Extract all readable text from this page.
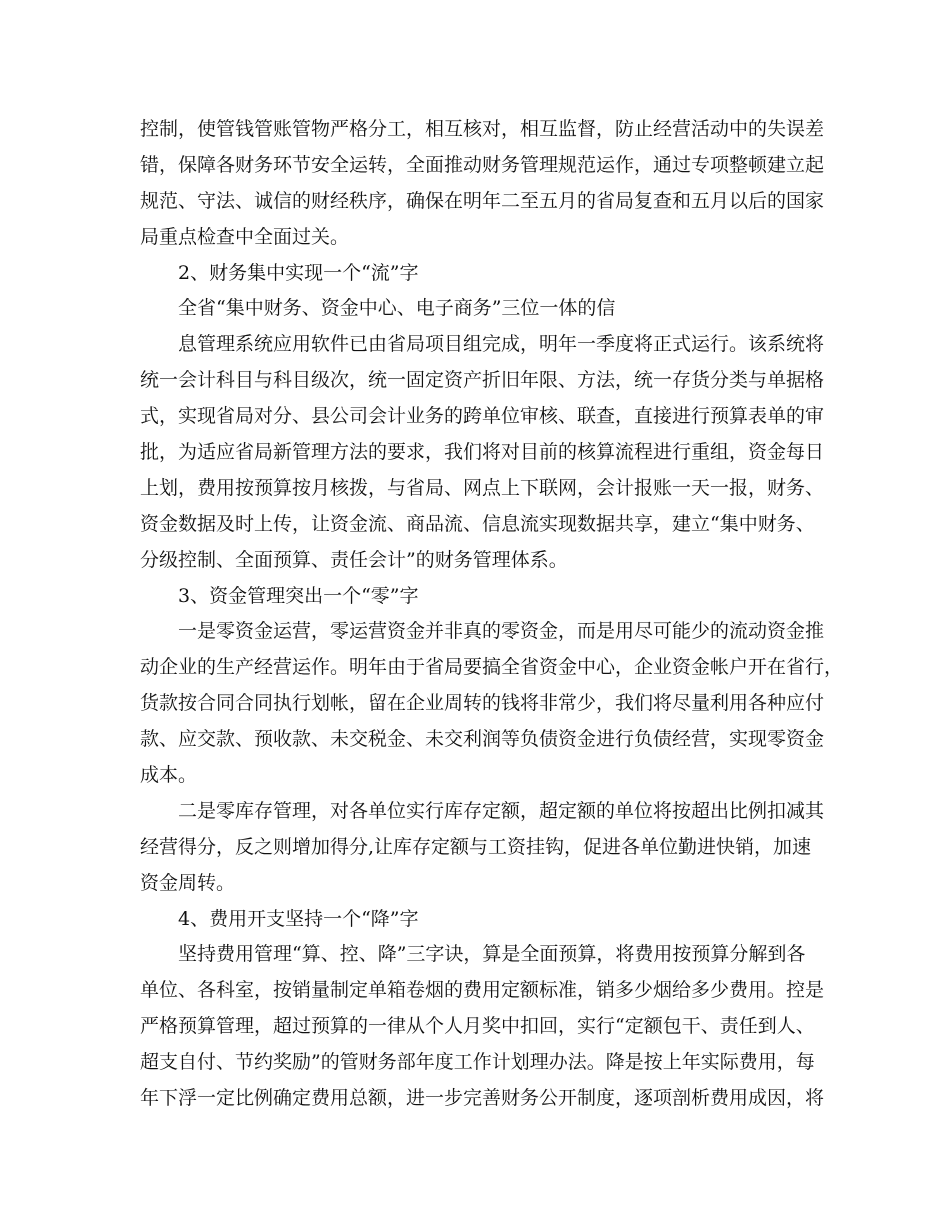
控制，使管钱管账管物严格分工，相互核对，相互监督，防止经营活动中的失误差
错，保障各财务环节安全运转，全面推动财务管理规范运作，通过专项整顿建立起
规范、守法、诚信的财经秩序，确保在明年二至五月的省局复查和五月以后的国家
局重点检查中全面过关。
2、财务集中实现一个“流”字
全省“集中财务、资金中心、电子商务”三位一体的信
息管理系统应用软件已由省局项目组完成，明年一季度将正式运行。该系统将
统一会计科目与科目级次，统一固定资产折旧年限、方法，统一存货分类与单据格
式，实现省局对分、县公司会计业务的跨单位审核、联查，直接进行预算表单的审
批，为适应省局新管理方法的要求，我们将对目前的核算流程进行重组，资金每日
上划，费用按预算按月核拨，与省局、网点上下联网，会计报账一天一报，财务、
资金数据及时上传，让资金流、商品流、信息流实现数据共享，建立“集中财务、
分级控制、全面预算、责任会计”的财务管理体系。
3、资金管理突出一个“零”字
一是零资金运营，零运营资金并非真的零资金，而是用尽可能少的流动资金推
动企业的生产经营运作。明年由于省局要搞全省资金中心，企业资金帐户开在省行，
货款按合同合同执行划帐，留在企业周转的钱将非常少，我们将尽量利用各种应付
款、应交款、预收款、未交税金、未交利润等负债资金进行负债经营，实现零资金
成本。
二是零库存管理，对各单位实行库存定额，超定额的单位将按超出比例扣减其
经营得分，反之则增加得分,让库存定额与工资挂钩，促进各单位勤进快销，加速
资金周转。
4、费用开支坚持一个“降”字
坚持费用管理“算、控、降”三字诀，算是全面预算，将费用按预算分解到各
单位、各科室，按销量制定单箱卷烟的费用定额标准，销多少烟给多少费用。控是
严格预算管理，超过预算的一律从个人月奖中扣回，实行“定额包干、责任到人、
超支自付、节约奖励”的管财务部年度工作计划理办法。降是按上年实际费用，每
年下浮一定比例确定费用总额，进一步完善财务公开制度，逐项剖析费用成因，将
